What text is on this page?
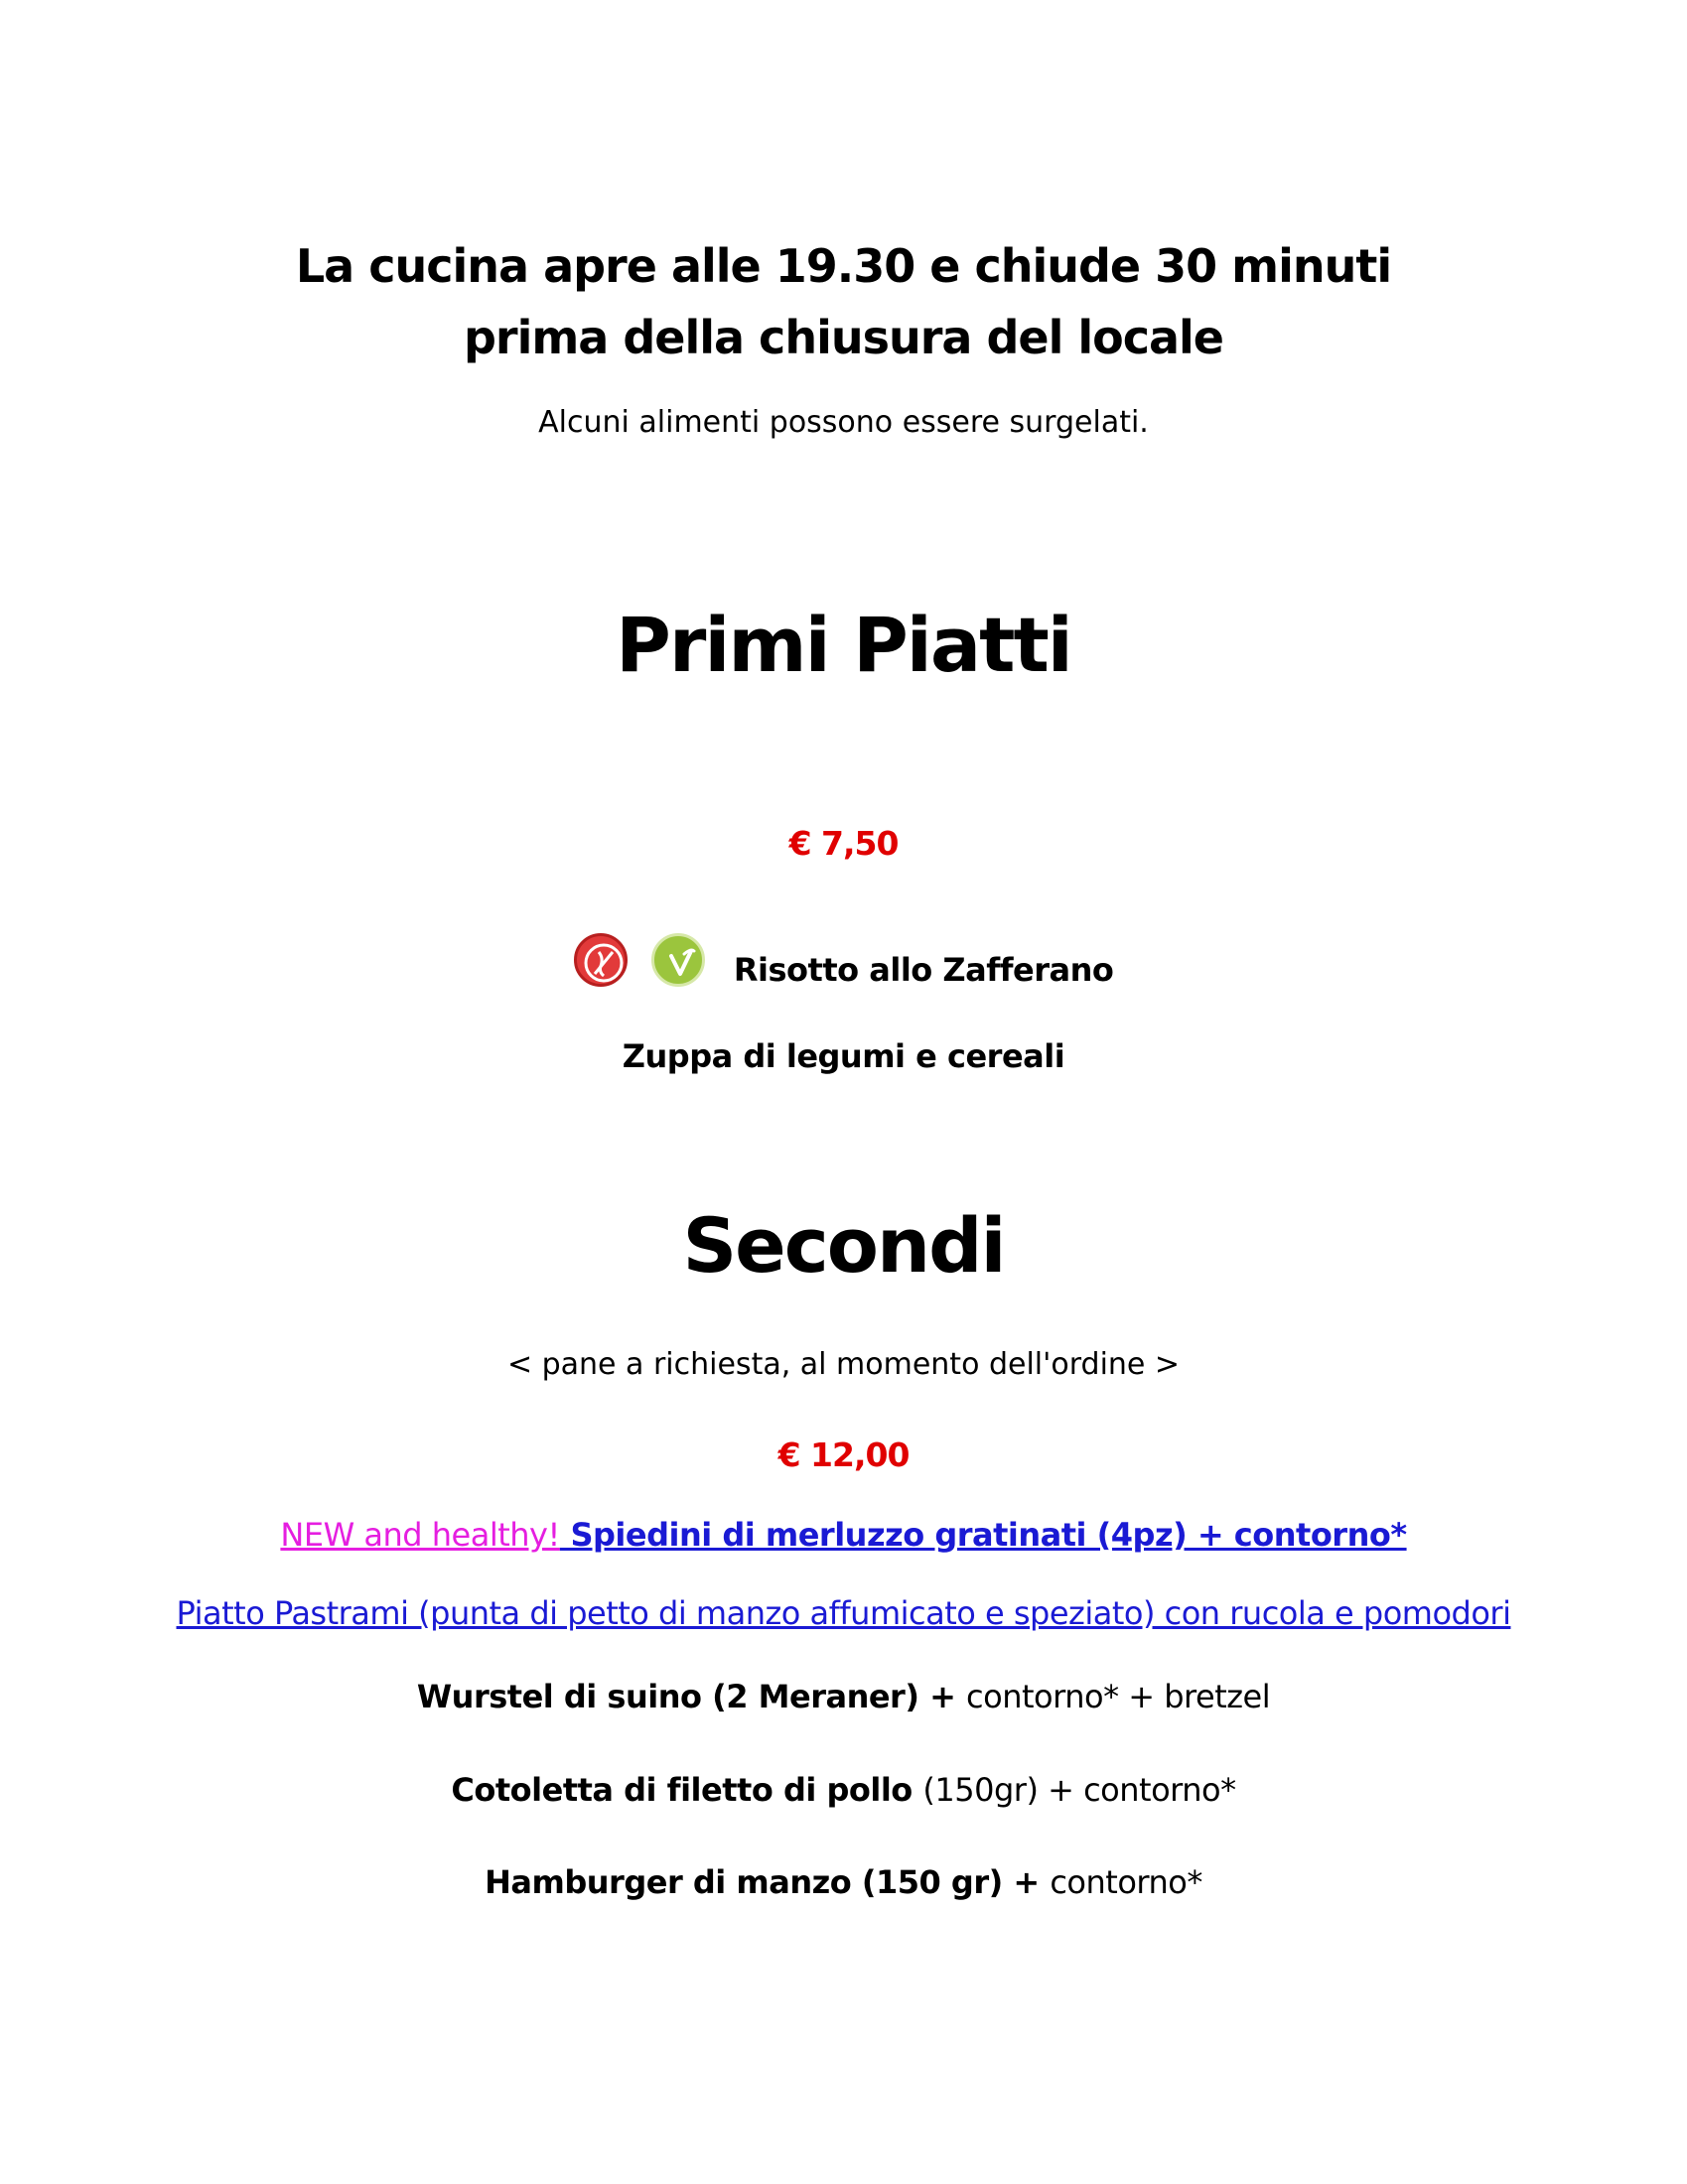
La cucina apre alle 19.30 e chiude 30 minuti prima della chiusura del locale
Alcuni alimenti possono essere surgelati.
Primi Piatti
€ 7,50

Risotto allo Zafferano
Zuppa di legumi e cereali
Secondi
< pane a richiesta, al momento dell'ordine >
€ 12,00
NEW and healthy! Spiedini di merluzzo gratinati (4pz) + contorno*
Piatto Pastrami (punta di petto di manzo affumicato e speziato) con rucola e pomodori
Wurstel di suino (2 Meraner) + contorno* + bretzel
Cotoletta di filetto di pollo (150gr) + contorno*
Hamburger di manzo (150 gr) + contorno*
